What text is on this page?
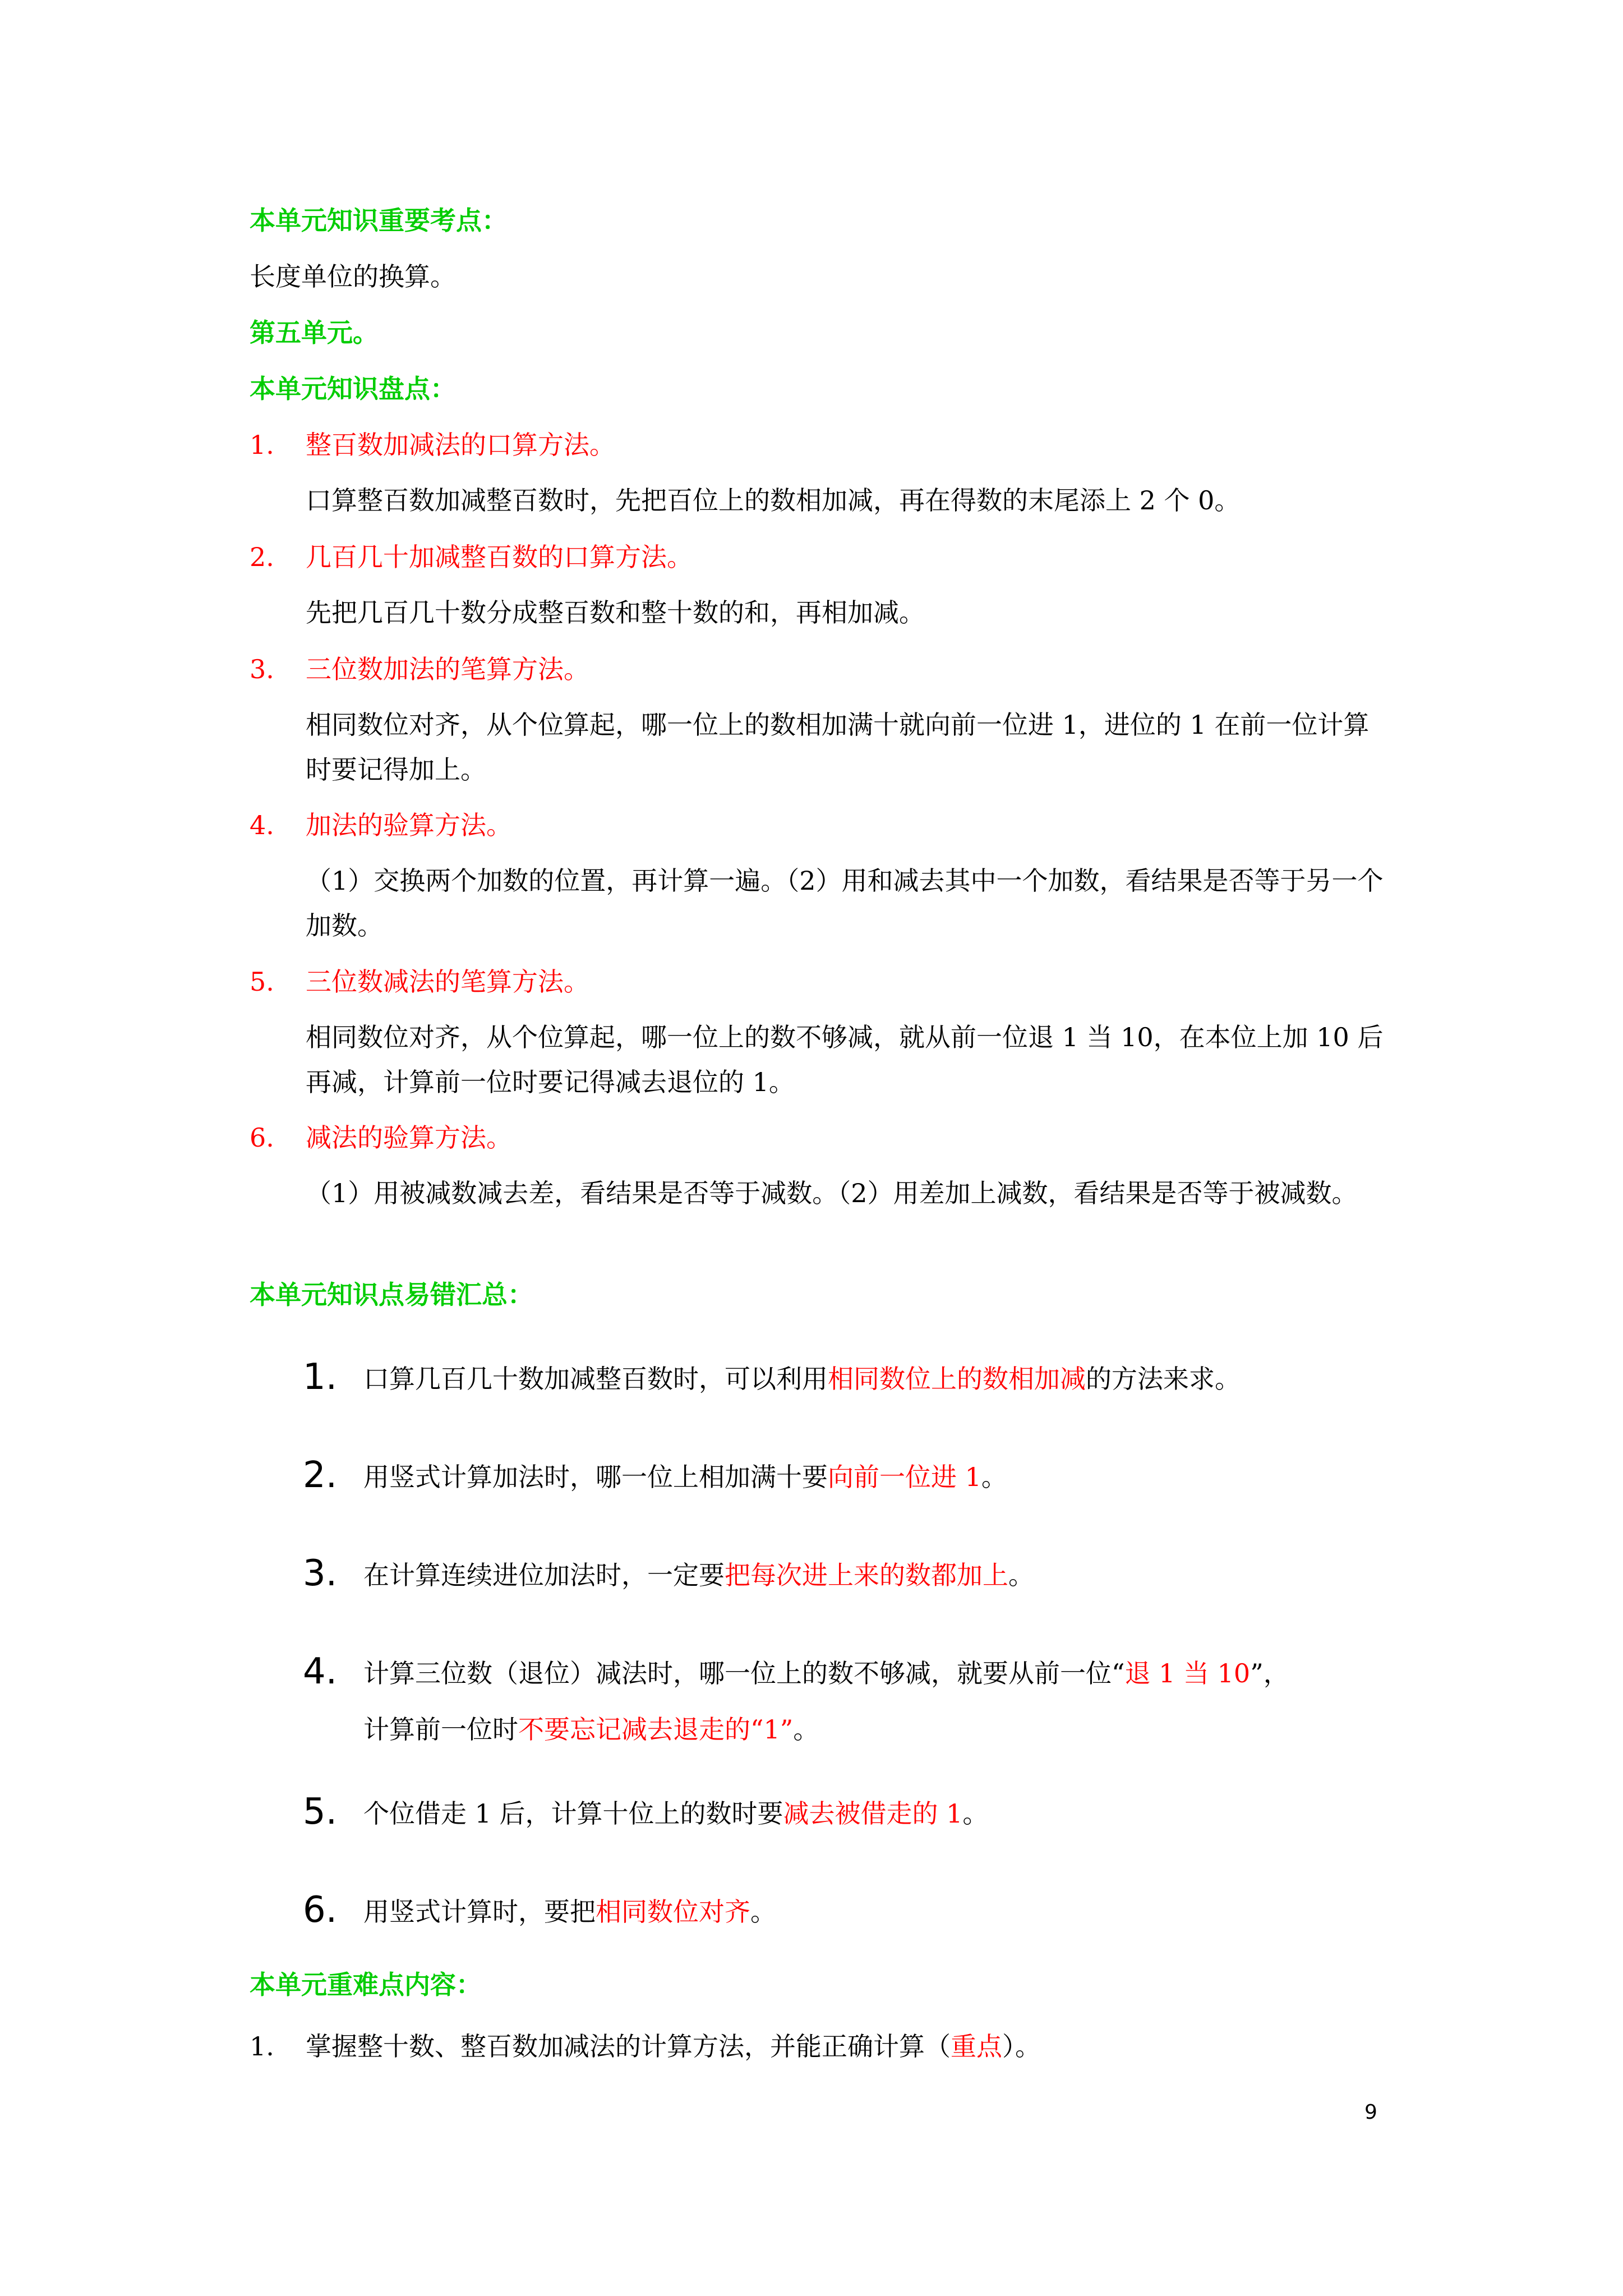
本单元知识重要考点：
长度单位的换算。
第五单元。
本单元知识盘点：
1. 整百数加减法的口算方法。
口算整百数加减整百数时，先把百位上的数相加减，再在得数的末尾添上 2 个 0。
2. 几百几十加减整百数的口算方法。
先把几百几十数分成整百数和整十数的和，再相加减。
3. 三位数加法的笔算方法。
相同数位对齐，从个位算起，哪一位上的数相加满十就向前一位进 1，进位的 1 在前一位计算时要记得加上。
4. 加法的验算方法。
（1）交换两个加数的位置，再计算一遍。（2）用和减去其中一个加数，看结果是否等于另一个加数。
5. 三位数减法的笔算方法。
相同数位对齐，从个位算起，哪一位上的数不够减，就从前一位退 1 当 10，在本位上加 10 后再减，计算前一位时要记得减去退位的 1。
6. 减法的验算方法。
（1）用被减数减去差，看结果是否等于减数。（2）用差加上减数，看结果是否等于被减数。
本单元知识点易错汇总：
1. 口算几百几十数加减整百数时，可以利用相同数位上的数相加减的方法来求。
2. 用竖式计算加法时，哪一位上相加满十要向前一位进 1。
3. 在计算连续进位加法时，一定要把每次进上来的数都加上。
4. 计算三位数（退位）减法时，哪一位上的数不够减，就要从前一位“退 1 当 10”，
计算前一位时不要忘记减去退走的“1”。
5. 个位借走 1 后，计算十位上的数时要减去被借走的 1。
6. 用竖式计算时，要把相同数位对齐。
本单元重难点内容：
1. 掌握整十数、整百数加减法的计算方法，并能正确计算（重点）。
9
